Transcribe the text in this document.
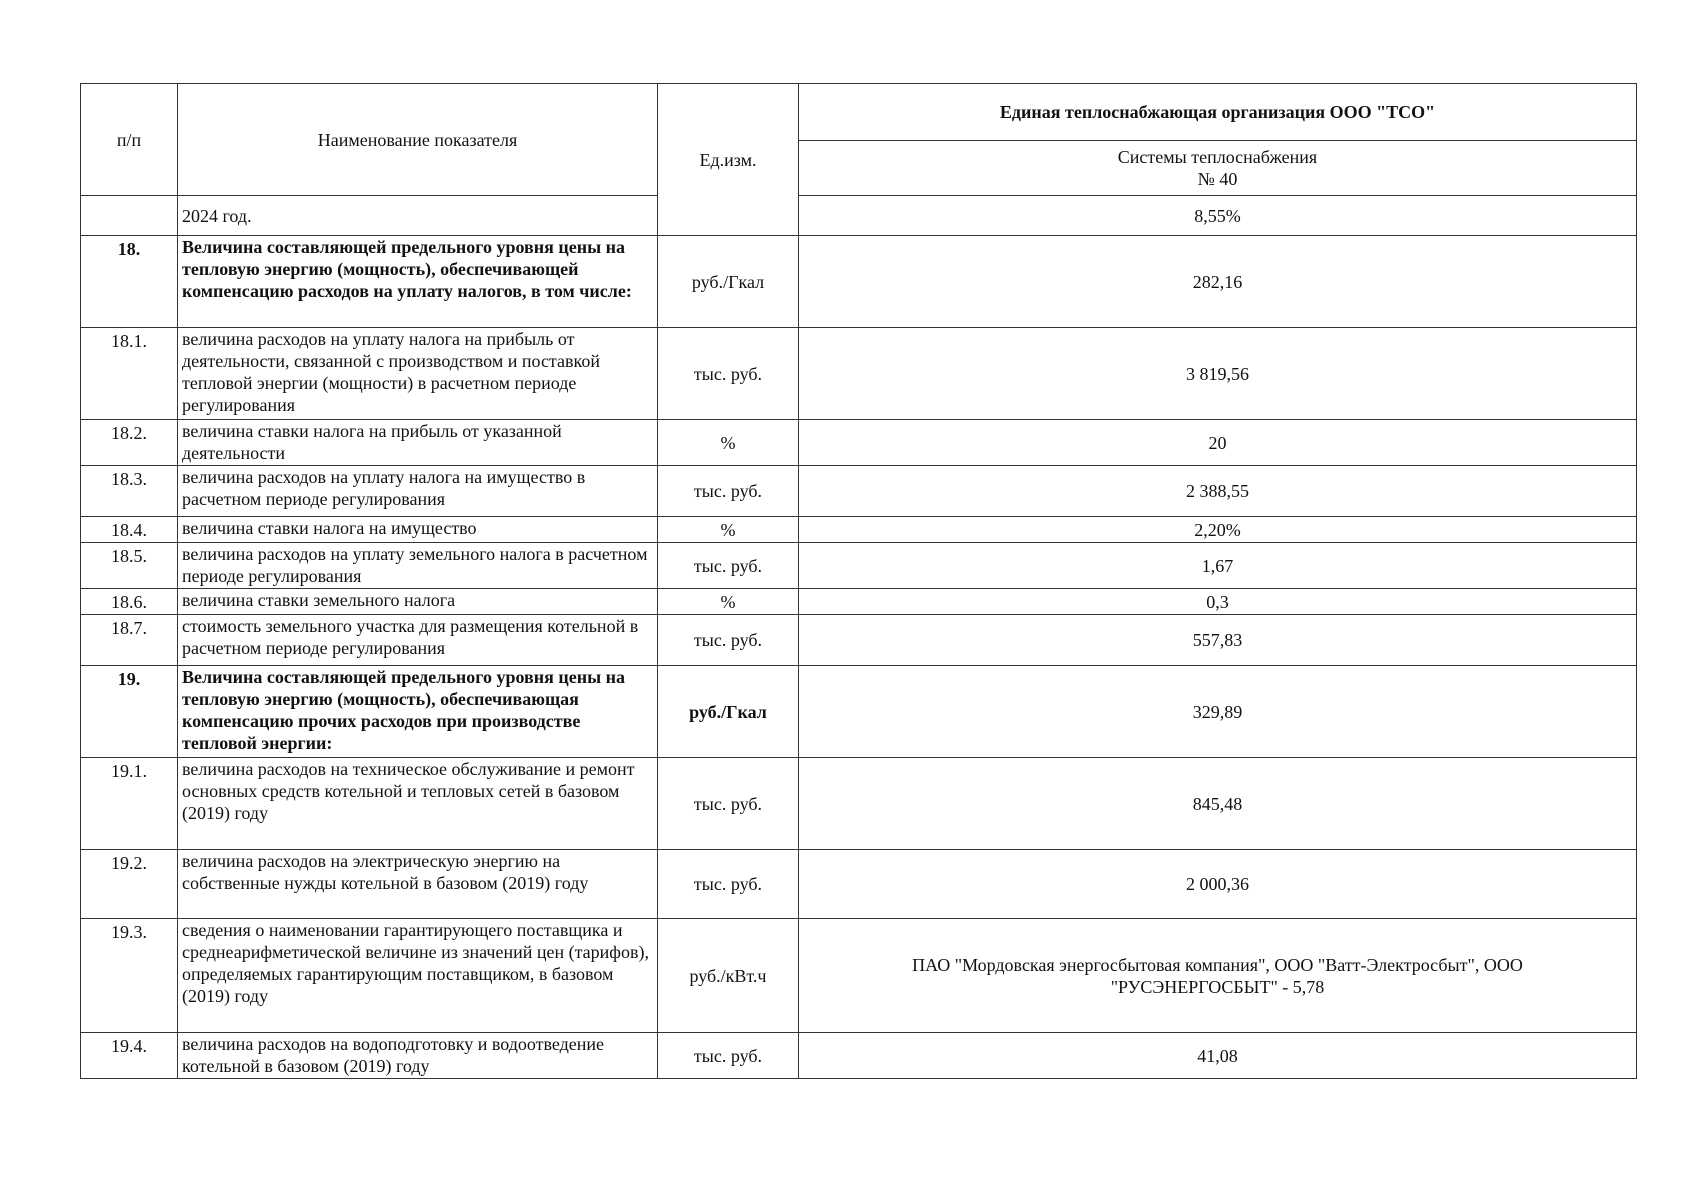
п/п	Наименование показателя	Ед.изм.	Единая теплоснабжающая организация ООО "ТСО"

			Системы теплоснабжения
№ 40

	2024 год.		8,55%
18.	Величина составляющей предельного уровня цены на тепловую энергию (мощность), обеспечивающей компенсацию расходов на уплату налогов, в том числе:	руб./Гкал	282,16
18.1.	величина расходов на уплату налога на прибыль от деятельности, связанной с производством и поставкой тепловой энергии (мощности) в расчетном периоде регулирования	тыс. руб.	3 819,56
18.2.	величина ставки налога на прибыль от указанной деятельности	%	20
18.3.	величина расходов на уплату налога на имущество в расчетном периоде регулирования	тыс. руб.	2 388,55
18.4.	величина ставки налога на имущество	%	2,20%
18.5.	величина расходов на уплату земельного налога в расчетном периоде регулирования	тыс. руб.	1,67
18.6.	величина ставки земельного налога	%	0,3
18.7.	стоимость земельного участка для размещения котельной в расчетном периоде регулирования	тыс. руб.	557,83
19.	Величина составляющей предельного уровня цены на тепловую энергию (мощность), обеспечивающая компенсацию прочих расходов при производстве тепловой энергии:	руб./Гкал	329,89
19.1.	величина расходов на техническое обслуживание и ремонт основных средств котельной и тепловых сетей в базовом (2019) году	тыс. руб.	845,48
19.2.	величина расходов на электрическую энергию на собственные нужды котельной в базовом (2019) году	тыс. руб.	2 000,36
19.3.	сведения о наименовании гарантирующего поставщика и среднеарифметической величине из значений цен (тарифов), определяемых гарантирующим поставщиком, в базовом (2019) году	руб./кВт.ч	ПАО "Мордовская энергосбытовая компания", ООО "Ватт-Электросбыт", ООО "РУСЭНЕРГОСБЫТ" - 5,78
19.4.	величина расходов на водоподготовку и водоотведение котельной в базовом (2019) году	тыс. руб.	41,08
